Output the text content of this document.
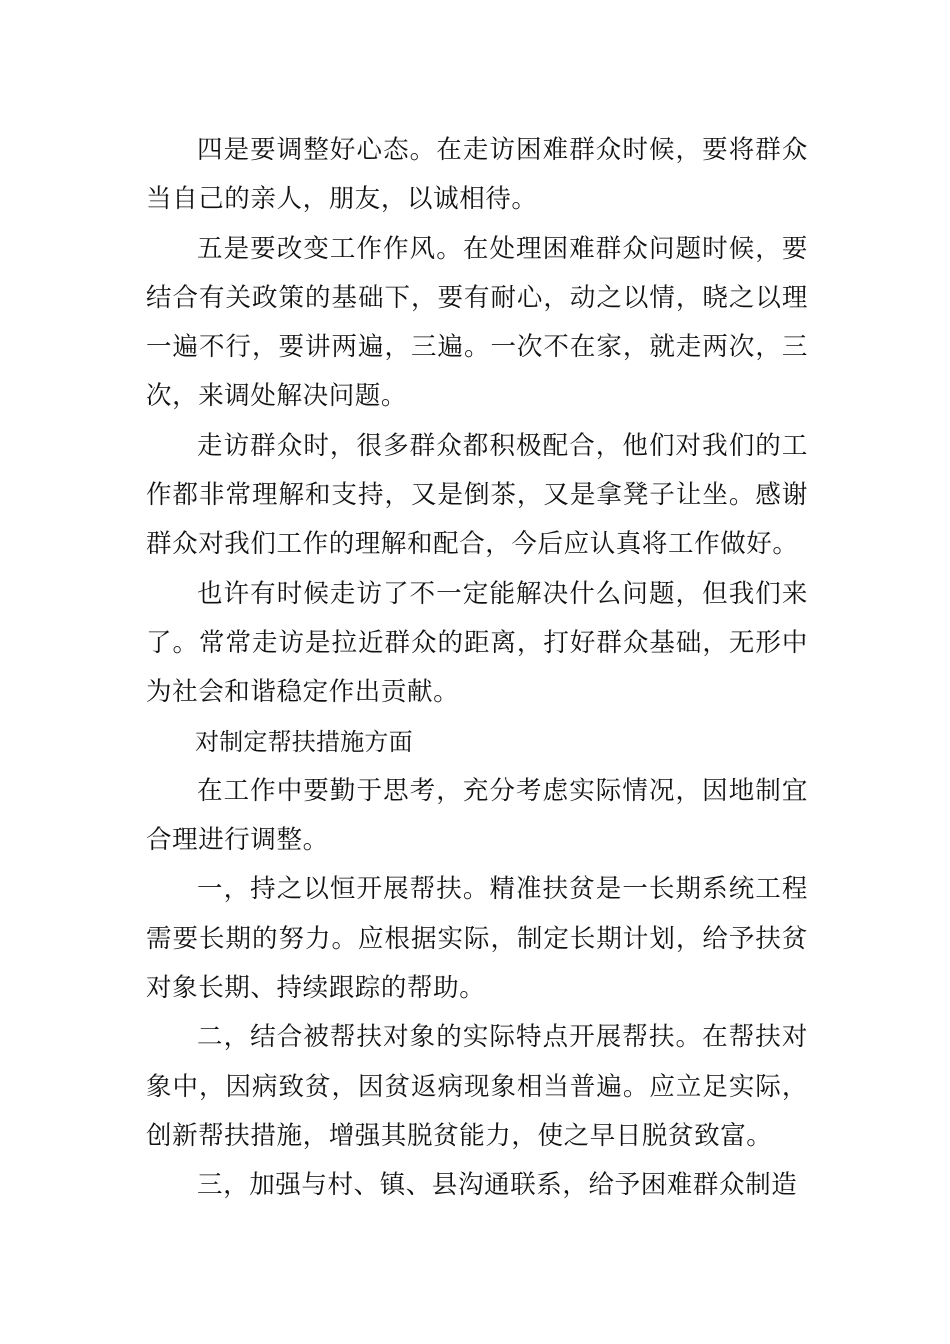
四是要调整好心态。在走访困难群众时候，要将群众当自己的亲人，朋友，以诚相待。

五是要改变工作作风。在处理困难群众问题时候，要结合有关政策的基础下，要有耐心，动之以情，晓之以理一遍不行，要讲两遍，三遍。一次不在家，就走两次，三次，来调处解决问题。

走访群众时，很多群众都积极配合，他们对我们的工作都非常理解和支持，又是倒茶，又是拿凳子让坐。感谢群众对我们工作的理解和配合，今后应认真将工作做好。

也许有时候走访了不一定能解决什么问题，但我们来了。常常走访是拉近群众的距离，打好群众基础，无形中为社会和谐稳定作出贡献。

对制定帮扶措施方面

在工作中要勤于思考，充分考虑实际情况，因地制宜合理进行调整。

一，持之以恒开展帮扶。精准扶贫是一长期系统工程需要长期的努力。应根据实际，制定长期计划，给予扶贫对象长期、持续跟踪的帮助。

二，结合被帮扶对象的实际特点开展帮扶。在帮扶对象中，因病致贫，因贫返病现象相当普遍。应立足实际，创新帮扶措施，增强其脱贫能力，使之早日脱贫致富。

三，加强与村、镇、县沟通联系，给予困难群众制造
